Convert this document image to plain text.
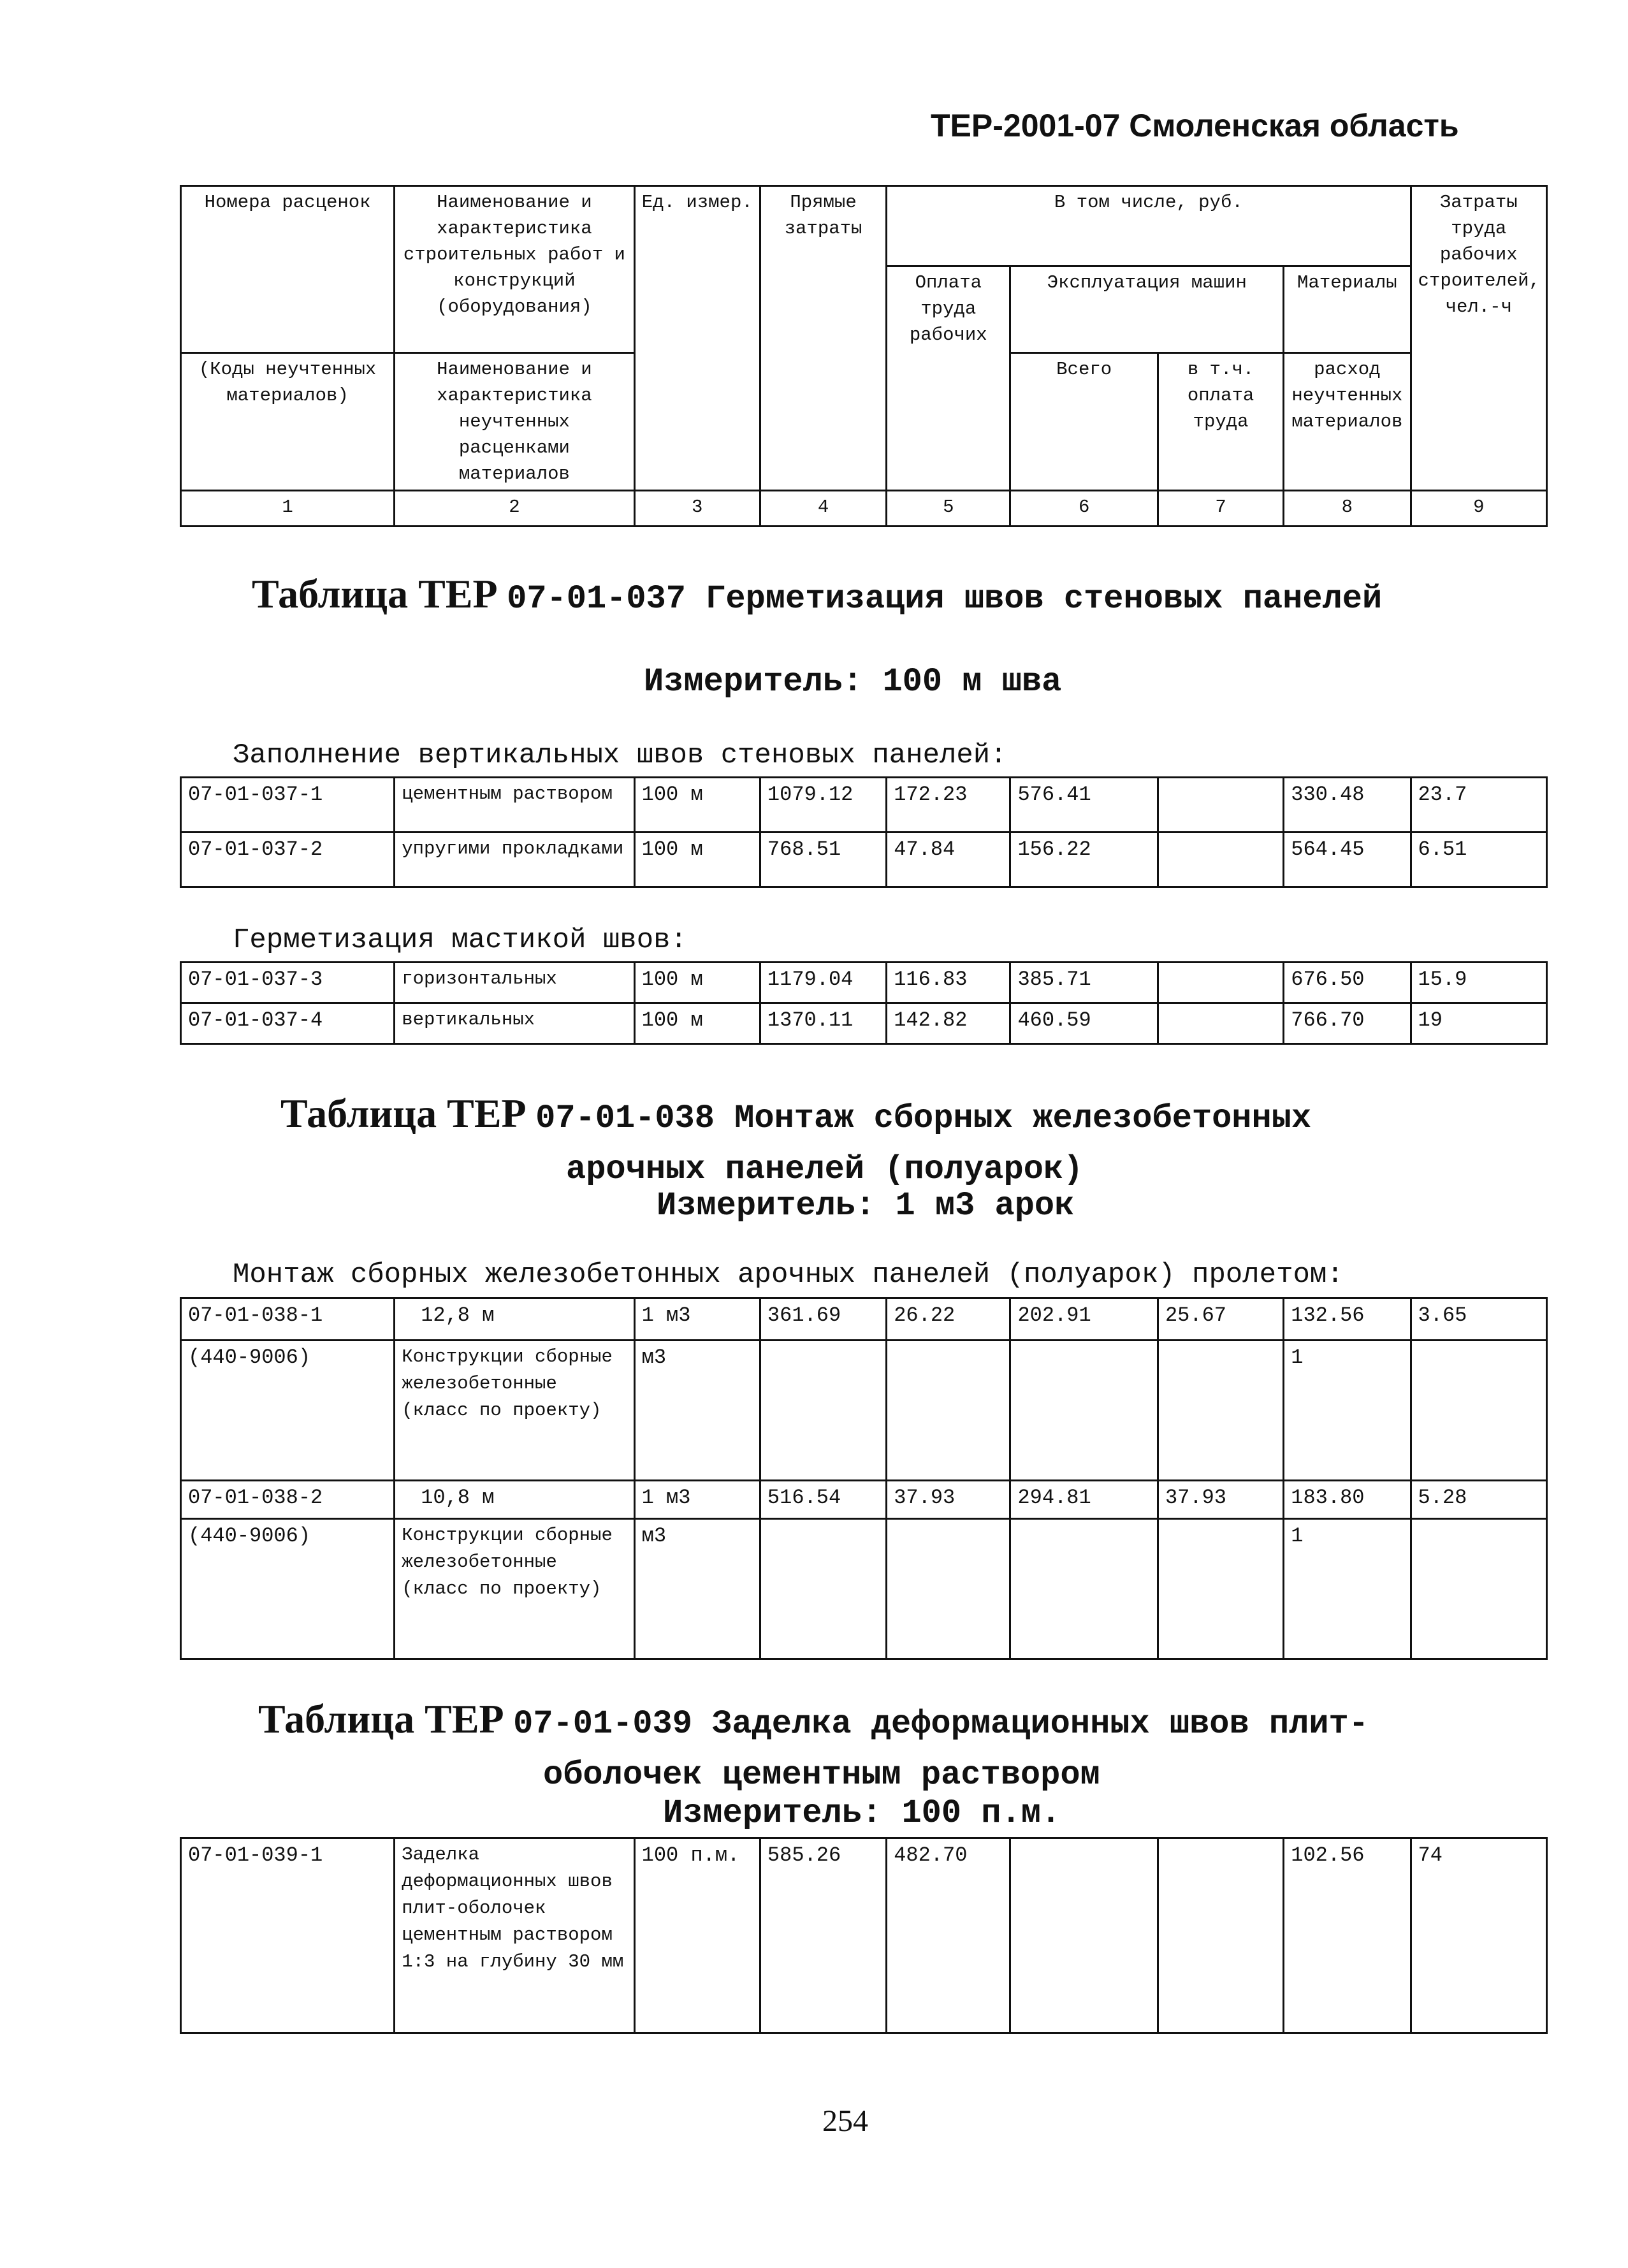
ТЕР-2001-07 Смоленская область
Номера расценок	Наименование и характеристика строительных работ и конструкций (оборудования)	Ед. измер.	Прямые затраты	В том числе, руб.				Затраты труда рабочих строителей, чел.-ч
				Оплата труда рабочих	Эксплуатация машин		Материалы	
(Коды неучтенных материалов)	Наименование и характеристика неучтенных расценками материалов				Всего	в т.ч. оплата труда	расход неучтенных материалов	
1	2	3	4	5	6	7	8	9
Таблица ТЕР 07-01-037 Герметизация швов стеновых панелей
Измеритель: 100 м шва
Заполнение вертикальных швов стеновых панелей:
07-01-037-1	цементным раствором	100 м	1079.12	172.23	576.41		330.48	23.7
07-01-037-2	упругими прокладками	100 м	768.51	47.84	156.22		564.45	6.51
Герметизация мастикой швов:
07-01-037-3	горизонтальных	100 м	1179.04	116.83	385.71		676.50	15.9
07-01-037-4	вертикальных	100 м	1370.11	142.82	460.59		766.70	19
Таблица ТЕР 07-01-038 Монтаж сборных железобетонных
арочных панелей (полуарок)
Измеритель: 1 м3 арок
Монтаж сборных железобетонных арочных панелей (полуарок) пролетом:
07-01-038-1	12,8 м	1 м3	361.69	26.22	202.91	25.67	132.56	3.65
(440-9006)	Конструкции сборные железобетонные (класс по проекту)	м3					1	
07-01-038-2	10,8 м	1 м3	516.54	37.93	294.81	37.93	183.80	5.28
(440-9006)	Конструкции сборные железобетонные (класс по проекту)	м3					1	
Таблица ТЕР 07-01-039 Заделка деформационных швов плит-
оболочек цементным раствором
Измеритель: 100 п.м.
07-01-039-1	Заделка деформационных швов плит-оболочек цементным раствором 1:3 на глубину 30 мм	100 п.м.	585.26	482.70			102.56	74
254
